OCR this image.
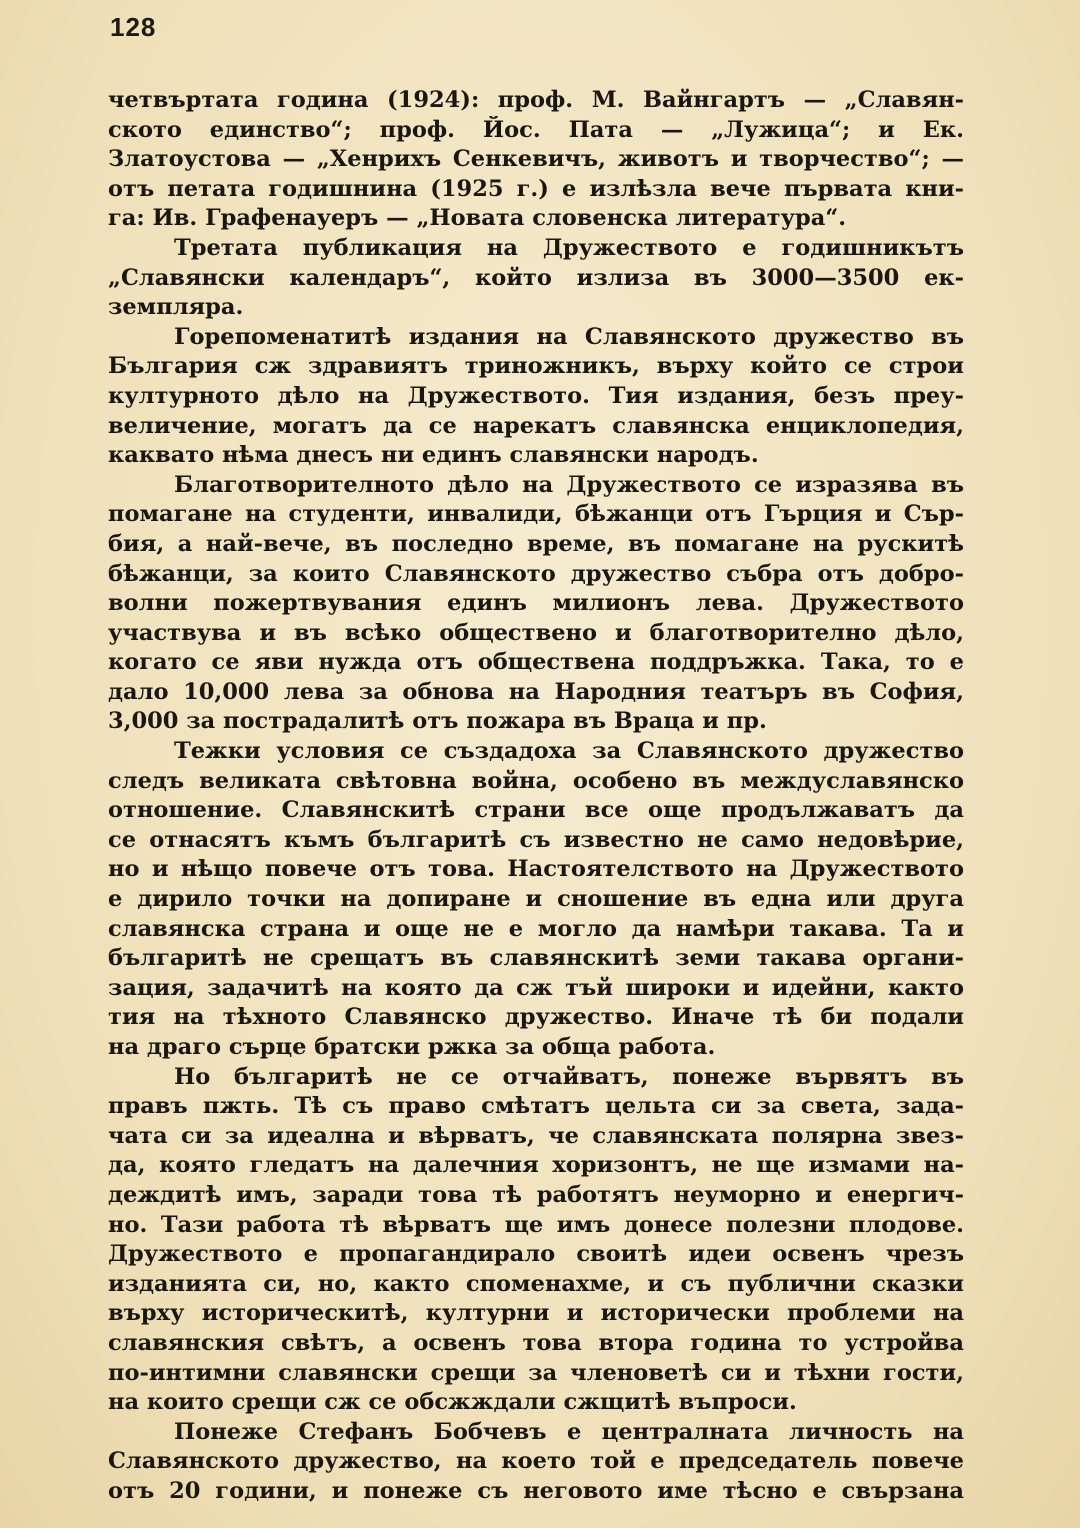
128
четвъртата година (1924): проф. М. Вайнгартъ — „Славян-
ското единство“; проф. Йос. Пата — „Лужица“; и Ек.
Златоустова — „Хенрихъ Сенкевичъ, животъ и творчество“; —
отъ петата годишнина (1925 г.) е излѣзла вече първата кни-
га: Ив. Графенауеръ — „Новата словенска литература“.
Третата публикация на Дружеството е годишникътъ
„Славянски календаръ“, който излиза въ 3000—3500 ек-
земпляра.
Горепоменатитѣ издания на Славянското дружество въ
България сж здравиятъ триножникъ, върху който се строи
културното дѣло на Дружеството. Тия издания, безъ преу-
величение, могатъ да се нарекатъ славянска енциклопедия,
каквато нѣма днесъ ни единъ славянски народъ.
Благотворителното дѣло на Дружеството се изразява въ
помагане на студенти, инвалиди, бѣжанци отъ Гърция и Сър-
бия, а най-вече, въ последно време, въ помагане на рускитѣ
бѣжанци, за които Славянското дружество събра отъ добро-
волни пожертвувания единъ милионъ лева. Дружеството
участвува и въ всѣко обществено и благотворително дѣло,
когато се яви нужда отъ обществена поддръжка. Така, то е
дало 10,000 лева за обнова на Народния театъръ въ София,
3,000 за пострадалитѣ отъ пожара въ Враца и пр.
Тежки условия се създадоха за Славянското дружество
следъ великата свѣтовна война, особено въ междуславянско
отношение. Славянскитѣ страни все още продължаватъ да
се отнасятъ къмъ българитѣ съ известно не само недовѣрие,
но и нѣщо повече отъ това. Настоятелството на Дружеството
е дирило точки на допиране и сношение въ една или друга
славянска страна и още не е могло да намѣри такава. Та и
българитѣ не срещатъ въ славянскитѣ земи такава органи-
зация, задачитѣ на която да сж тъй широки и идейни, както
тия на тѣхното Славянско дружество. Иначе тѣ би подали
на драго сърце братски ржка за обща работа.
Но българитѣ не се отчайватъ, понеже вървятъ въ
правъ пжть. Тѣ съ право смѣтатъ цельта си за света, зада-
чата си за идеална и вѣрватъ, че славянската полярна звез-
да, която гледатъ на далечния хоризонтъ, не ще измами на-
деждитѣ имъ, заради това тѣ работятъ неуморно и енергич-
но. Тази работа тѣ вѣрватъ ще имъ донесе полезни плодове.
Дружеството е пропагандирало своитѣ идеи освенъ чрезъ
изданията си, но, както споменахме, и съ публични сказки
върху историческитѣ, културни и исторически проблеми на
славянския свѣтъ, а освенъ това втора година то устройва
по-интимни славянски срещи за членоветѣ си и тѣхни гости,
на които срещи сж се обсжждали сжщитѣ въпроси.
Понеже Стефанъ Бобчевъ е централната личность на
Славянското дружество, на което той е председатель повече
отъ 20 години, и понеже съ неговото име тѣсно е свързана
